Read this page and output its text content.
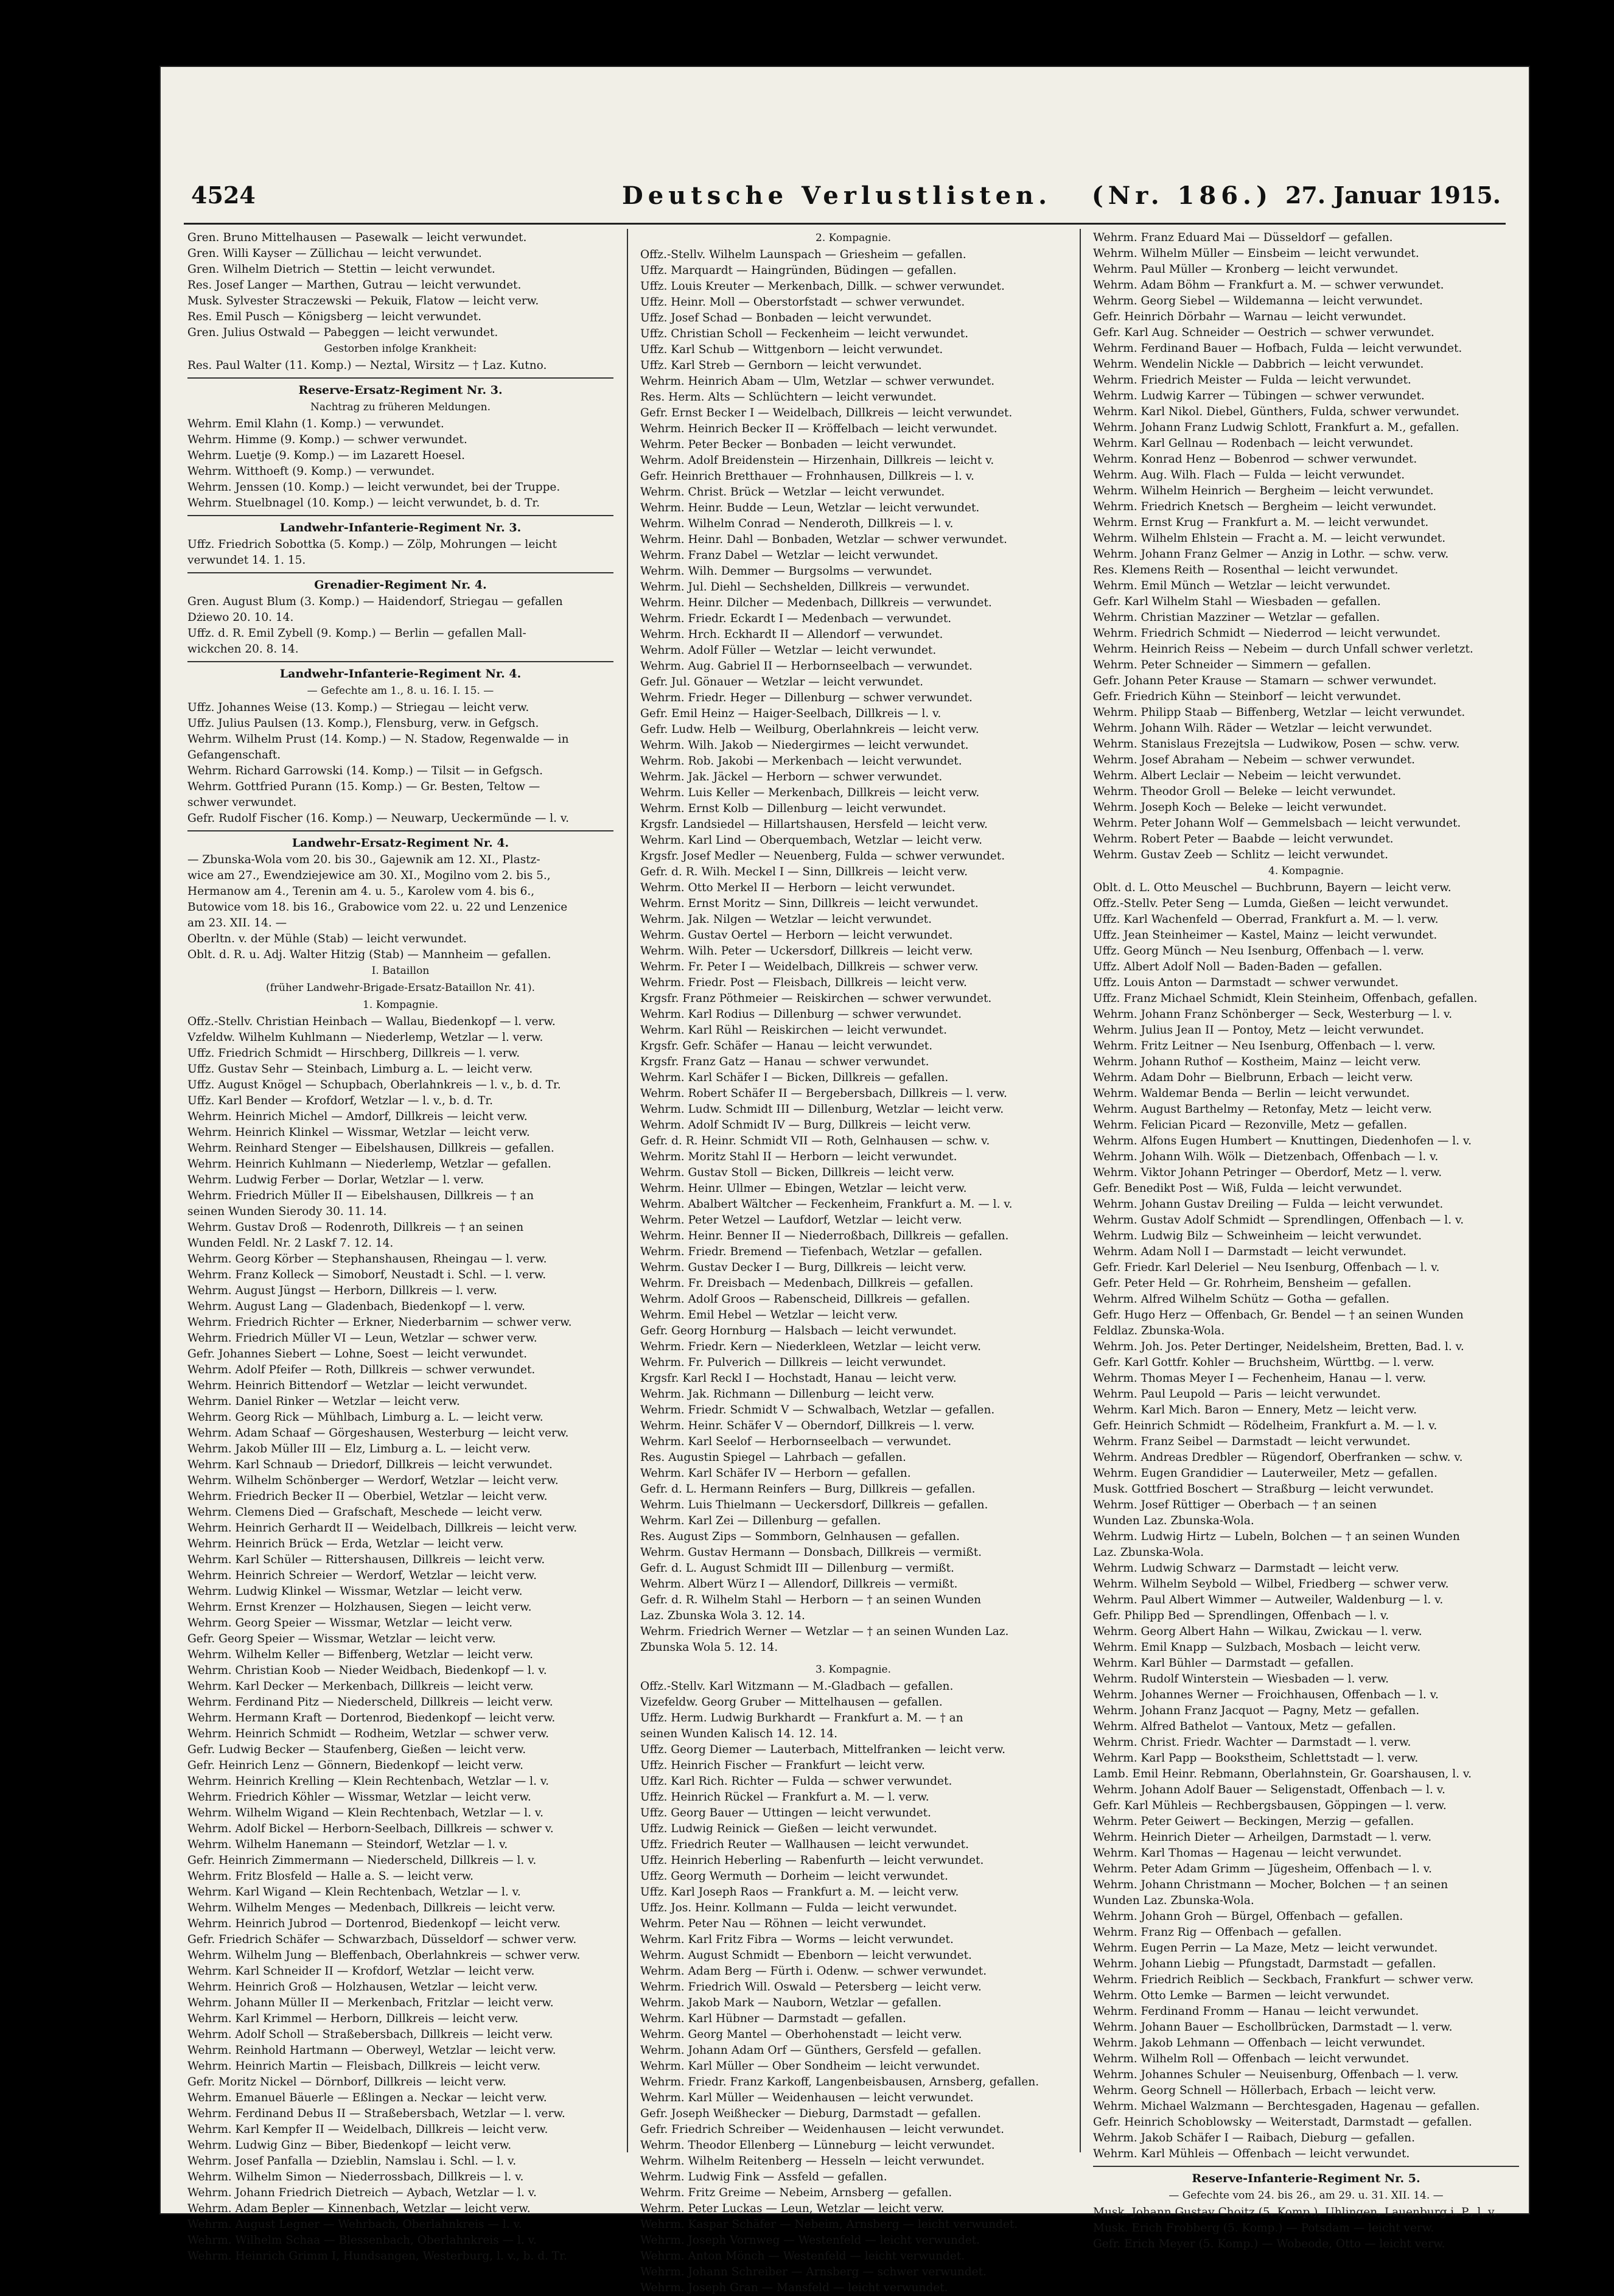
4524	Deutsche Verlustlisten. (Nr. 186.) 27. Januar 1915.
Gren. Bruno Mittelhausen — Pasewalk — leicht verwundet.
Gren. Willi Kayser — Züllichau — leicht verwundet.
Gren. Wilhelm Dietrich — Stettin — leicht verwundet.
Res. Josef Langer — Marthen, Gutrau — leicht verwundet.
Musk. Sylvester Straczewski — Pekuik, Flatow — leicht verw.
Res. Emil Pusch — Königsberg — leicht verwundet.
Gren. Julius Ostwald — Pabeggen — leicht verwundet.
Gestorben infolge Krankheit:
Res. Paul Walter (11. Komp.) — Neztal, Wirsitz — † Laz. Kutno.
Reserve-Ersatz-Regiment Nr. 3.
Nachtrag zu früheren Meldungen.
Wehrm. Emil Klahn (1. Komp.) — verwundet.
Wehrm. Himme (9. Komp.) — schwer verwundet.
Wehrm. Luetje (9. Komp.) — im Lazarett Hoesel.
Wehrm. Witthoeft (9. Komp.) — verwundet.
Wehrm. Jenssen (10. Komp.) — leicht verwundet, bei der Truppe.
Wehrm. Stuelbnagel (10. Komp.) — leicht verwundet, b. d. Tr.
Landwehr-Infanterie-Regiment Nr. 3.
Uffz. Friedrich Sobottka (5. Komp.) — Zölp, Mohrungen — leicht
verwundet 14. 1. 15.
Grenadier-Regiment Nr. 4.
Gren. August Blum (3. Komp.) — Haidendorf, Striegau — gefallen
Dżiewo 20. 10. 14.
Uffz. d. R. Emil Zybell (9. Komp.) — Berlin — gefallen Mall-
wickchen 20. 8. 14.
Landwehr-Infanterie-Regiment Nr. 4.
— Gefechte am 1., 8. u. 16. I. 15. —
Uffz. Johannes Weise (13. Komp.) — Striegau — leicht verw.
Uffz. Julius Paulsen (13. Komp.), Flensburg, verw. in Gefgsch.
Wehrm. Wilhelm Prust (14. Komp.) — N. Stadow, Regenwalde — in
Gefangenschaft.
Wehrm. Richard Garrowski (14. Komp.) — Tilsit — in Gefgsch.
Wehrm. Gottfried Purann (15. Komp.) — Gr. Besten, Teltow —
schwer verwundet.
Gefr. Rudolf Fischer (16. Komp.) — Neuwarp, Ueckermünde — l. v.
Landwehr-Ersatz-Regiment Nr. 4.
— Zbunska-Wola vom 20. bis 30., Gajewnik am 12. XI., Plastz-
wice am 27., Ewendziejewice am 30. XI., Mogilno vom 2. bis 5.,
Hermanow am 4., Terenin am 4. u. 5., Karolew vom 4. bis 6.,
Butowice vom 18. bis 16., Grabowice vom 22. u. 22 und Lenzenice
am 23. XII. 14. —
Oberltn. v. der Mühle (Stab) — leicht verwundet.
Oblt. d. R. u. Adj. Walter Hitzig (Stab) — Mannheim — gefallen.
I. Bataillon
(früher Landwehr-Brigade-Ersatz-Bataillon Nr. 41).
1. Kompagnie.
Offz.-Stellv. Christian Heinbach — Wallau, Biedenkopf — l. verw.
Vzfeldw. Wilhelm Kuhlmann — Niederlemp, Wetzlar — l. verw.
Uffz. Friedrich Schmidt — Hirschberg, Dillkreis — l. verw.
Uffz. Gustav Sehr — Steinbach, Limburg a. L. — leicht verw.
Uffz. August Knögel — Schupbach, Oberlahnkreis — l. v., b. d. Tr.
Uffz. Karl Bender — Krofdorf, Wetzlar — l. v., b. d. Tr.
Wehrm. Heinrich Michel — Amdorf, Dillkreis — leicht verw.
Wehrm. Heinrich Klinkel — Wissmar, Wetzlar — leicht verw.
Wehrm. Reinhard Stenger — Eibelshausen, Dillkreis — gefallen.
Wehrm. Heinrich Kuhlmann — Niederlemp, Wetzlar — gefallen.
Wehrm. Ludwig Ferber — Dorlar, Wetzlar — l. verw.
Wehrm. Friedrich Müller II — Eibelshausen, Dillkreis — † an
seinen Wunden Sierody 30. 11. 14.
Wehrm. Gustav Droß — Rodenroth, Dillkreis — † an seinen
Wunden Feldl. Nr. 2 Laskf 7. 12. 14.
Wehrm. Georg Körber — Stephanshausen, Rheingau — l. verw.
Wehrm. Franz Kolleck — Simoborf, Neustadt i. Schl. — l. verw.
Wehrm. August Jüngst — Herborn, Dillkreis — l. verw.
Wehrm. August Lang — Gladenbach, Biedenkopf — l. verw.
Wehrm. Friedrich Richter — Erkner, Niederbarnim — schwer verw.
Wehrm. Friedrich Müller VI — Leun, Wetzlar — schwer verw.
Gefr. Johannes Siebert — Lohne, Soest — leicht verwundet.
Wehrm. Adolf Pfeifer — Roth, Dillkreis — schwer verwundet.
Wehrm. Heinrich Bittendorf — Wetzlar — leicht verwundet.
Wehrm. Daniel Rinker — Wetzlar — leicht verw.
Wehrm. Georg Rick — Mühlbach, Limburg a. L. — leicht verw.
Wehrm. Adam Schaaf — Görgeshausen, Westerburg — leicht verw.
Wehrm. Jakob Müller III — Elz, Limburg a. L. — leicht verw.
Wehrm. Karl Schnaub — Driedorf, Dillkreis — leicht verwundet.
Wehrm. Wilhelm Schönberger — Werdorf, Wetzlar — leicht verw.
Wehrm. Friedrich Becker II — Oberbiel, Wetzlar — leicht verw.
Wehrm. Clemens Died — Grafschaft, Meschede — leicht verw.
Wehrm. Heinrich Gerhardt II — Weidelbach, Dillkreis — leicht verw.
Wehrm. Heinrich Brück — Erda, Wetzlar — leicht verw.
Wehrm. Karl Schüler — Rittershausen, Dillkreis — leicht verw.
Wehrm. Heinrich Schreier — Werdorf, Wetzlar — leicht verw.
Wehrm. Ludwig Klinkel — Wissmar, Wetzlar — leicht verw.
Wehrm. Ernst Krenzer — Holzhausen, Siegen — leicht verw.
Wehrm. Georg Speier — Wissmar, Wetzlar — leicht verw.
Gefr. Georg Speier — Wissmar, Wetzlar — leicht verw.
Wehrm. Wilhelm Keller — Biffenberg, Wetzlar — leicht verw.
Wehrm. Christian Koob — Nieder Weidbach, Biedenkopf — l. v.
Wehrm. Karl Decker — Merkenbach, Dillkreis — leicht verw.
Wehrm. Ferdinand Pitz — Niederscheld, Dillkreis — leicht verw.
Wehrm. Hermann Kraft — Dortenrod, Biedenkopf — leicht verw.
Wehrm. Heinrich Schmidt — Rodheim, Wetzlar — schwer verw.
Gefr. Ludwig Becker — Staufenberg, Gießen — leicht verw.
Gefr. Heinrich Lenz — Gönnern, Biedenkopf — leicht verw.
Wehrm. Heinrich Krelling — Klein Rechtenbach, Wetzlar — l. v.
Wehrm. Friedrich Köhler — Wissmar, Wetzlar — leicht verw.
Wehrm. Wilhelm Wigand — Klein Rechtenbach, Wetzlar — l. v.
Wehrm. Adolf Bickel — Herborn-Seelbach, Dillkreis — schwer v.
Wehrm. Wilhelm Hanemann — Steindorf, Wetzlar — l. v.
Gefr. Heinrich Zimmermann — Niederscheld, Dillkreis — l. v.
Wehrm. Fritz Blosfeld — Halle a. S. — leicht verw.
Wehrm. Karl Wigand — Klein Rechtenbach, Wetzlar — l. v.
Wehrm. Wilhelm Menges — Medenbach, Dillkreis — leicht verw.
Wehrm. Heinrich Jubrod — Dortenrod, Biedenkopf — leicht verw.
Gefr. Friedrich Schäfer — Schwarzbach, Düsseldorf — schwer verw.
Wehrm. Wilhelm Jung — Bleffenbach, Oberlahnkreis — schwer verw.
Wehrm. Karl Schneider II — Krofdorf, Wetzlar — leicht verw.
Wehrm. Heinrich Groß — Holzhausen, Wetzlar — leicht verw.
Wehrm. Johann Müller II — Merkenbach, Fritzlar — leicht verw.
Wehrm. Karl Krimmel — Herborn, Dillkreis — leicht verw.
Wehrm. Adolf Scholl — Straßebersbach, Dillkreis — leicht verw.
Wehrm. Reinhold Hartmann — Oberweyl, Wetzlar — leicht verw.
Wehrm. Heinrich Martin — Fleisbach, Dillkreis — leicht verw.
Gefr. Moritz Nickel — Dörnborf, Dillkreis — leicht verw.
Wehrm. Emanuel Bäuerle — Eßlingen a. Neckar — leicht verw.
Wehrm. Ferdinand Debus II — Straßebersbach, Wetzlar — l. verw.
Wehrm. Karl Kempfer II — Weidelbach, Dillkreis — leicht verw.
Wehrm. Ludwig Ginz — Biber, Biedenkopf — leicht verw.
Wehrm. Josef Panfalla — Dzieblin, Namslau i. Schl. — l. v.
Wehrm. Wilhelm Simon — Niederrossbach, Dillkreis — l. v.
Wehrm. Johann Friedrich Dietreich — Aybach, Wetzlar — l. v.
Wehrm. Adam Bepler — Kinnenbach, Wetzlar — leicht verw.
Wehrm. August Legner — Wehrbach, Oberlahnkreis — l. v.
Wehrm. Wilhelm Schaa — Blessenbach, Oberlahnkreis — l. v.
Wehrm. Heinrich Grimm I, Hundsangen, Westerburg, l. v., b. d. Tr.
2. Kompagnie.
Offz.-Stellv. Wilhelm Launspach — Griesheim — gefallen.
Uffz. Marquardt — Haingründen, Büdingen — gefallen.
Uffz. Louis Kreuter — Merkenbach, Dillk. — schwer verwundet.
Uffz. Heinr. Moll — Oberstorfstadt — schwer verwundet.
Uffz. Josef Schad — Bonbaden — leicht verwundet.
Uffz. Christian Scholl — Feckenheim — leicht verwundet.
Uffz. Karl Schub — Wittgenborn — leicht verwundet.
Uffz. Karl Streb — Gernborn — leicht verwundet.
Wehrm. Heinrich Abam — Ulm, Wetzlar — schwer verwundet.
Res. Herm. Alts — Schlüchtern — leicht verwundet.
Gefr. Ernst Becker I — Weidelbach, Dillkreis — leicht verwundet.
Wehrm. Heinrich Becker II — Kröffelbach — leicht verwundet.
Wehrm. Peter Becker — Bonbaden — leicht verwundet.
Wehrm. Adolf Breidenstein — Hirzenhain, Dillkreis — leicht v.
Gefr. Heinrich Bretthauer — Frohnhausen, Dillkreis — l. v.
Wehrm. Christ. Brück — Wetzlar — leicht verwundet.
Wehrm. Heinr. Budde — Leun, Wetzlar — leicht verwundet.
Wehrm. Wilhelm Conrad — Nenderoth, Dillkreis — l. v.
Wehrm. Heinr. Dahl — Bonbaden, Wetzlar — schwer verwundet.
Wehrm. Franz Dabel — Wetzlar — leicht verwundet.
Wehrm. Wilh. Demmer — Burgsolms — verwundet.
Wehrm. Jul. Diehl — Sechshelden, Dillkreis — verwundet.
Wehrm. Heinr. Dilcher — Medenbach, Dillkreis — verwundet.
Wehrm. Friedr. Eckardt I — Medenbach — verwundet.
Wehrm. Hrch. Eckhardt II — Allendorf — verwundet.
Wehrm. Adolf Füller — Wetzlar — leicht verwundet.
Wehrm. Aug. Gabriel II — Herbornseelbach — verwundet.
Gefr. Jul. Gönauer — Wetzlar — leicht verwundet.
Wehrm. Friedr. Heger — Dillenburg — schwer verwundet.
Gefr. Emil Heinz — Haiger-Seelbach, Dillkreis — l. v.
Gefr. Ludw. Helb — Weilburg, Oberlahnkreis — leicht verw.
Wehrm. Wilh. Jakob — Niedergirmes — leicht verwundet.
Wehrm. Rob. Jakobi — Merkenbach — leicht verwundet.
Wehrm. Jak. Jäckel — Herborn — schwer verwundet.
Wehrm. Luis Keller — Merkenbach, Dillkreis — leicht verw.
Wehrm. Ernst Kolb — Dillenburg — leicht verwundet.
Krgsfr. Landsiedel — Hillartshausen, Hersfeld — leicht verw.
Wehrm. Karl Lind — Oberquembach, Wetzlar — leicht verw.
Krgsfr. Josef Medler — Neuenberg, Fulda — schwer verwundet.
Gefr. d. R. Wilh. Meckel I — Sinn, Dillkreis — leicht verw.
Wehrm. Otto Merkel II — Herborn — leicht verwundet.
Wehrm. Ernst Moritz — Sinn, Dillkreis — leicht verwundet.
Wehrm. Jak. Nilgen — Wetzlar — leicht verwundet.
Wehrm. Gustav Oertel — Herborn — leicht verwundet.
Wehrm. Wilh. Peter — Uckersdorf, Dillkreis — leicht verw.
Wehrm. Fr. Peter I — Weidelbach, Dillkreis — schwer verw.
Wehrm. Friedr. Post — Fleisbach, Dillkreis — leicht verw.
Krgsfr. Franz Pöthmeier — Reiskirchen — schwer verwundet.
Wehrm. Karl Rodius — Dillenburg — schwer verwundet.
Wehrm. Karl Rühl — Reiskirchen — leicht verwundet.
Krgsfr. Gefr. Schäfer — Hanau — leicht verwundet.
Krgsfr. Franz Gatz — Hanau — schwer verwundet.
Wehrm. Karl Schäfer I — Bicken, Dillkreis — gefallen.
Wehrm. Robert Schäfer II — Bergebersbach, Dillkreis — l. verw.
Wehrm. Ludw. Schmidt III — Dillenburg, Wetzlar — leicht verw.
Wehrm. Adolf Schmidt IV — Burg, Dillkreis — leicht verw.
Gefr. d. R. Heinr. Schmidt VII — Roth, Gelnhausen — schw. v.
Wehrm. Moritz Stahl II — Herborn — leicht verwundet.
Wehrm. Gustav Stoll — Bicken, Dillkreis — leicht verw.
Wehrm. Heinr. Ullmer — Ebingen, Wetzlar — leicht verw.
Wehrm. Abalbert Wältcher — Feckenheim, Frankfurt a. M. — l. v.
Wehrm. Peter Wetzel — Laufdorf, Wetzlar — leicht verw.
Wehrm. Heinr. Benner II — Niederroßbach, Dillkreis — gefallen.
Wehrm. Friedr. Bremend — Tiefenbach, Wetzlar — gefallen.
Wehrm. Gustav Decker I — Burg, Dillkreis — leicht verw.
Wehrm. Fr. Dreisbach — Medenbach, Dillkreis — gefallen.
Wehrm. Adolf Groos — Rabenscheid, Dillkreis — gefallen.
Wehrm. Emil Hebel — Wetzlar — leicht verw.
Gefr. Georg Hornburg — Halsbach — leicht verwundet.
Wehrm. Friedr. Kern — Niederkleen, Wetzlar — leicht verw.
Wehrm. Fr. Pulverich — Dillkreis — leicht verwundet.
Krgsfr. Karl Reckl I — Hochstadt, Hanau — leicht verw.
Wehrm. Jak. Richmann — Dillenburg — leicht verw.
Wehrm. Friedr. Schmidt V — Schwalbach, Wetzlar — gefallen.
Wehrm. Heinr. Schäfer V — Oberndorf, Dillkreis — l. verw.
Wehrm. Karl Seelof — Herbornseelbach — verwundet.
Res. Augustin Spiegel — Lahrbach — gefallen.
Wehrm. Karl Schäfer IV — Herborn — gefallen.
Gefr. d. L. Hermann Reinfers — Burg, Dillkreis — gefallen.
Wehrm. Luis Thielmann — Ueckersdorf, Dillkreis — gefallen.
Wehrm. Karl Zei — Dillenburg — gefallen.
Res. August Zips — Sommborn, Gelnhausen — gefallen.
Wehrm. Gustav Hermann — Donsbach, Dillkreis — vermißt.
Gefr. d. L. August Schmidt III — Dillenburg — vermißt.
Wehrm. Albert Würz I — Allendorf, Dillkreis — vermißt.
Gefr. d. R. Wilhelm Stahl — Herborn — † an seinen Wunden
Laz. Zbunska Wola 3. 12. 14.
Wehrm. Friedrich Werner — Wetzlar — † an seinen Wunden Laz.
Zbunska Wola 5. 12. 14.
3. Kompagnie.
Offz.-Stellv. Karl Witzmann — M.-Gladbach — gefallen.
Vizefeldw. Georg Gruber — Mittelhausen — gefallen.
Uffz. Herm. Ludwig Burkhardt — Frankfurt a. M. — † an
seinen Wunden Kalisch 14. 12. 14.
Uffz. Georg Diemer — Lauterbach, Mittelfranken — leicht verw.
Uffz. Heinrich Fischer — Frankfurt — leicht verw.
Uffz. Karl Rich. Richter — Fulda — schwer verwundet.
Uffz. Heinrich Rückel — Frankfurt a. M. — l. verw.
Uffz. Georg Bauer — Uttingen — leicht verwundet.
Uffz. Ludwig Reinick — Gießen — leicht verwundet.
Uffz. Friedrich Reuter — Wallhausen — leicht verwundet.
Uffz. Heinrich Heberling — Rabenfurth — leicht verwundet.
Uffz. Georg Wermuth — Dorheim — leicht verwundet.
Uffz. Karl Joseph Raos — Frankfurt a. M. — leicht verw.
Uffz. Jos. Heinr. Kollmann — Fulda — leicht verwundet.
Wehrm. Peter Nau — Röhnen — leicht verwundet.
Wehrm. Karl Fritz Fibra — Worms — leicht verwundet.
Wehrm. August Schmidt — Ebenborn — leicht verwundet.
Wehrm. Adam Berg — Fürth i. Odenw. — schwer verwundet.
Wehrm. Friedrich Will. Oswald — Petersberg — leicht verw.
Wehrm. Jakob Mark — Nauborn, Wetzlar — gefallen.
Wehrm. Karl Hübner — Darmstadt — gefallen.
Wehrm. Georg Mantel — Oberhohenstadt — leicht verw.
Wehrm. Johann Adam Orf — Günthers, Gersfeld — gefallen.
Wehrm. Karl Müller — Ober Sondheim — leicht verwundet.
Wehrm. Friedr. Franz Karkoff, Langenbeisbausen, Arnsberg, gefallen.
Wehrm. Karl Müller — Weidenhausen — leicht verwundet.
Gefr. Joseph Weißhecker — Dieburg, Darmstadt — gefallen.
Gefr. Friedrich Schreiber — Weidenhausen — leicht verwundet.
Wehrm. Theodor Ellenberg — Lünneburg — leicht verwundet.
Wehrm. Wilhelm Reitenberg — Hesseln — leicht verwundet.
Wehrm. Ludwig Fink — Assfeld — gefallen.
Wehrm. Fritz Greime — Nebeim, Arnsberg — gefallen.
Wehrm. Peter Luckas — Leun, Wetzlar — leicht verw.
Wehrm. Kaspar Schäfer — Nebeim, Arnsberg — leicht verwundet.
Wehrm. Joseph Vornweg — Westenfeld — leicht verwundet.
Wehrm. Anton Mönch — Westenfeld — leicht verwundet.
Wehrm. Johann Schreiber — Arnsberg — schwer verwundet.
Wehrm. Joseph Gran — Mansfeld — leicht verwundet.
Wehrm. Franz Eduard Mai — Düsseldorf — gefallen.
Wehrm. Wilhelm Müller — Einsbeim — leicht verwundet.
Wehrm. Paul Müller — Kronberg — leicht verwundet.
Wehrm. Adam Böhm — Frankfurt a. M. — schwer verwundet.
Wehrm. Georg Siebel — Wildemanna — leicht verwundet.
Gefr. Heinrich Dörbahr — Warnau — leicht verwundet.
Gefr. Karl Aug. Schneider — Oestrich — schwer verwundet.
Wehrm. Ferdinand Bauer — Hofbach, Fulda — leicht verwundet.
Wehrm. Wendelin Nickle — Dabbrich — leicht verwundet.
Wehrm. Friedrich Meister — Fulda — leicht verwundet.
Wehrm. Ludwig Karrer — Tübingen — schwer verwundet.
Wehrm. Karl Nikol. Diebel, Günthers, Fulda, schwer verwundet.
Wehrm. Johann Franz Ludwig Schlott, Frankfurt a. M., gefallen.
Wehrm. Karl Gellnau — Rodenbach — leicht verwundet.
Wehrm. Konrad Henz — Bobenrod — schwer verwundet.
Wehrm. Aug. Wilh. Flach — Fulda — leicht verwundet.
Wehrm. Wilhelm Heinrich — Bergheim — leicht verwundet.
Wehrm. Friedrich Knetsch — Bergheim — leicht verwundet.
Wehrm. Ernst Krug — Frankfurt a. M. — leicht verwundet.
Wehrm. Wilhelm Ehlstein — Fracht a. M. — leicht verwundet.
Wehrm. Johann Franz Gelmer — Anzig in Lothr. — schw. verw.
Res. Klemens Reith — Rosenthal — leicht verwundet.
Wehrm. Emil Münch — Wetzlar — leicht verwundet.
Gefr. Karl Wilhelm Stahl — Wiesbaden — gefallen.
Wehrm. Christian Mazziner — Wetzlar — gefallen.
Wehrm. Friedrich Schmidt — Niederrod — leicht verwundet.
Wehrm. Heinrich Reiss — Nebeim — durch Unfall schwer verletzt.
Wehrm. Peter Schneider — Simmern — gefallen.
Gefr. Johann Peter Krause — Stamarn — schwer verwundet.
Gefr. Friedrich Kühn — Steinborf — leicht verwundet.
Wehrm. Philipp Staab — Biffenberg, Wetzlar — leicht verwundet.
Wehrm. Johann Wilh. Räder — Wetzlar — leicht verwundet.
Wehrm. Stanislaus Frezejtsla — Ludwikow, Posen — schw. verw.
Wehrm. Josef Abraham — Nebeim — schwer verwundet.
Wehrm. Albert Leclair — Nebeim — leicht verwundet.
Wehrm. Theodor Groll — Beleke — leicht verwundet.
Wehrm. Joseph Koch — Beleke — leicht verwundet.
Wehrm. Peter Johann Wolf — Gemmelsbach — leicht verwundet.
Wehrm. Robert Peter — Baabde — leicht verwundet.
Wehrm. Gustav Zeeb — Schlitz — leicht verwundet.
4. Kompagnie.
Oblt. d. L. Otto Meuschel — Buchbrunn, Bayern — leicht verw.
Offz.-Stellv. Peter Seng — Lumda, Gießen — leicht verwundet.
Uffz. Karl Wachenfeld — Oberrad, Frankfurt a. M. — l. verw.
Uffz. Jean Steinheimer — Kastel, Mainz — leicht verwundet.
Uffz. Georg Münch — Neu Isenburg, Offenbach — l. verw.
Uffz. Albert Adolf Noll — Baden-Baden — gefallen.
Uffz. Louis Anton — Darmstadt — schwer verwundet.
Uffz. Franz Michael Schmidt, Klein Steinheim, Offenbach, gefallen.
Wehrm. Johann Franz Schönberger — Seck, Westerburg — l. v.
Wehrm. Julius Jean II — Pontoy, Metz — leicht verwundet.
Wehrm. Fritz Leitner — Neu Isenburg, Offenbach — l. verw.
Wehrm. Johann Ruthof — Kostheim, Mainz — leicht verw.
Wehrm. Adam Dohr — Bielbrunn, Erbach — leicht verw.
Wehrm. Waldemar Benda — Berlin — leicht verwundet.
Wehrm. August Barthelmy — Retonfay, Metz — leicht verw.
Wehrm. Felician Picard — Rezonville, Metz — gefallen.
Wehrm. Alfons Eugen Humbert — Knuttingen, Diedenhofen — l. v.
Wehrm. Johann Wilh. Wölk — Dietzenbach, Offenbach — l. v.
Wehrm. Viktor Johann Petringer — Oberdorf, Metz — l. verw.
Gefr. Benedikt Post — Wiß, Fulda — leicht verwundet.
Wehrm. Johann Gustav Dreiling — Fulda — leicht verwundet.
Wehrm. Gustav Adolf Schmidt — Sprendlingen, Offenbach — l. v.
Wehrm. Ludwig Bilz — Schweinheim — leicht verwundet.
Wehrm. Adam Noll I — Darmstadt — leicht verwundet.
Gefr. Friedr. Karl Deleriel — Neu Isenburg, Offenbach — l. v.
Gefr. Peter Held — Gr. Rohrheim, Bensheim — gefallen.
Wehrm. Alfred Wilhelm Schütz — Gotha — gefallen.
Gefr. Hugo Herz — Offenbach, Gr. Bendel — † an seinen Wunden
Feldlaz. Zbunska-Wola.
Wehrm. Joh. Jos. Peter Dertinger, Neidelsheim, Bretten, Bad. l. v.
Gefr. Karl Gottfr. Kohler — Bruchsheim, Württbg. — l. verw.
Wehrm. Thomas Meyer I — Fechenheim, Hanau — l. verw.
Wehrm. Paul Leupold — Paris — leicht verwundet.
Wehrm. Karl Mich. Baron — Ennery, Metz — leicht verw.
Gefr. Heinrich Schmidt — Rödelheim, Frankfurt a. M. — l. v.
Wehrm. Franz Seibel — Darmstadt — leicht verwundet.
Wehrm. Andreas Dredbler — Rügendorf, Oberfranken — schw. v.
Wehrm. Eugen Grandidier — Lauterweiler, Metz — gefallen.
Musk. Gottfried Boschert — Straßburg — leicht verwundet.
Wehrm. Josef Rüttiger — Oberbach — † an seinen
Wunden Laz. Zbunska-Wola.
Wehrm. Ludwig Hirtz — Lubeln, Bolchen — † an seinen Wunden
Laz. Zbunska-Wola.
Wehrm. Ludwig Schwarz — Darmstadt — leicht verw.
Wehrm. Wilhelm Seybold — Wilbel, Friedberg — schwer verw.
Wehrm. Paul Albert Wimmer — Autweiler, Waldenburg — l. v.
Gefr. Philipp Bed — Sprendlingen, Offenbach — l. v.
Wehrm. Georg Albert Hahn — Wilkau, Zwickau — l. verw.
Wehrm. Emil Knapp — Sulzbach, Mosbach — leicht verw.
Wehrm. Karl Bühler — Darmstadt — gefallen.
Wehrm. Rudolf Winterstein — Wiesbaden — l. verw.
Wehrm. Johannes Werner — Froichhausen, Offenbach — l. v.
Wehrm. Johann Franz Jacquot — Pagny, Metz — gefallen.
Wehrm. Alfred Bathelot — Vantoux, Metz — gefallen.
Wehrm. Christ. Friedr. Wachter — Darmstadt — l. verw.
Wehrm. Karl Papp — Bookstheim, Schlettstadt — l. verw.
Lamb. Emil Heinr. Rebmann, Oberlahnstein, Gr. Goarshausen, l. v.
Wehrm. Johann Adolf Bauer — Seligenstadt, Offenbach — l. v.
Gefr. Karl Mühleis — Rechbergsbausen, Göppingen — l. verw.
Wehrm. Peter Geiwert — Beckingen, Merzig — gefallen.
Wehrm. Heinrich Dieter — Arheilgen, Darmstadt — l. verw.
Wehrm. Karl Thomas — Hagenau — leicht verwundet.
Wehrm. Peter Adam Grimm — Jügesheim, Offenbach — l. v.
Wehrm. Johann Christmann — Mocher, Bolchen — † an seinen
Wunden Laz. Zbunska-Wola.
Wehrm. Johann Groh — Bürgel, Offenbach — gefallen.
Wehrm. Franz Rig — Offenbach — gefallen.
Wehrm. Eugen Perrin — La Maze, Metz — leicht verwundet.
Wehrm. Johann Liebig — Pfungstadt, Darmstadt — gefallen.
Wehrm. Friedrich Reiblich — Seckbach, Frankfurt — schwer verw.
Wehrm. Otto Lemke — Barmen — leicht verwundet.
Wehrm. Ferdinand Fromm — Hanau — leicht verwundet.
Wehrm. Johann Bauer — Eschollbrücken, Darmstadt — l. verw.
Wehrm. Jakob Lehmann — Offenbach — leicht verwundet.
Wehrm. Wilhelm Roll — Offenbach — leicht verwundet.
Wehrm. Johannes Schuler — Neuisenburg, Offenbach — l. verw.
Wehrm. Georg Schnell — Höllerbach, Erbach — leicht verw.
Wehrm. Michael Walzmann — Berchtesgaden, Hagenau — gefallen.
Gefr. Heinrich Schoblowsky — Weiterstadt, Darmstadt — gefallen.
Wehrm. Jakob Schäfer I — Raibach, Dieburg — gefallen.
Wehrm. Karl Mühleis — Offenbach — leicht verwundet.
Reserve-Infanterie-Regiment Nr. 5.
— Gefechte vom 24. bis 26., am 29. u. 31. XII. 14. —
Musk. Johann Gustav Choitz (5. Komp.), Uhlingen, Lauenburg i. P., l. v.
Musk. Erich Frobberg (5. Komp.) — Potsdam — leicht verw.
Gefr. Erich Meyer (5. Komp.) — Wobeode, Otto — leicht verw.
